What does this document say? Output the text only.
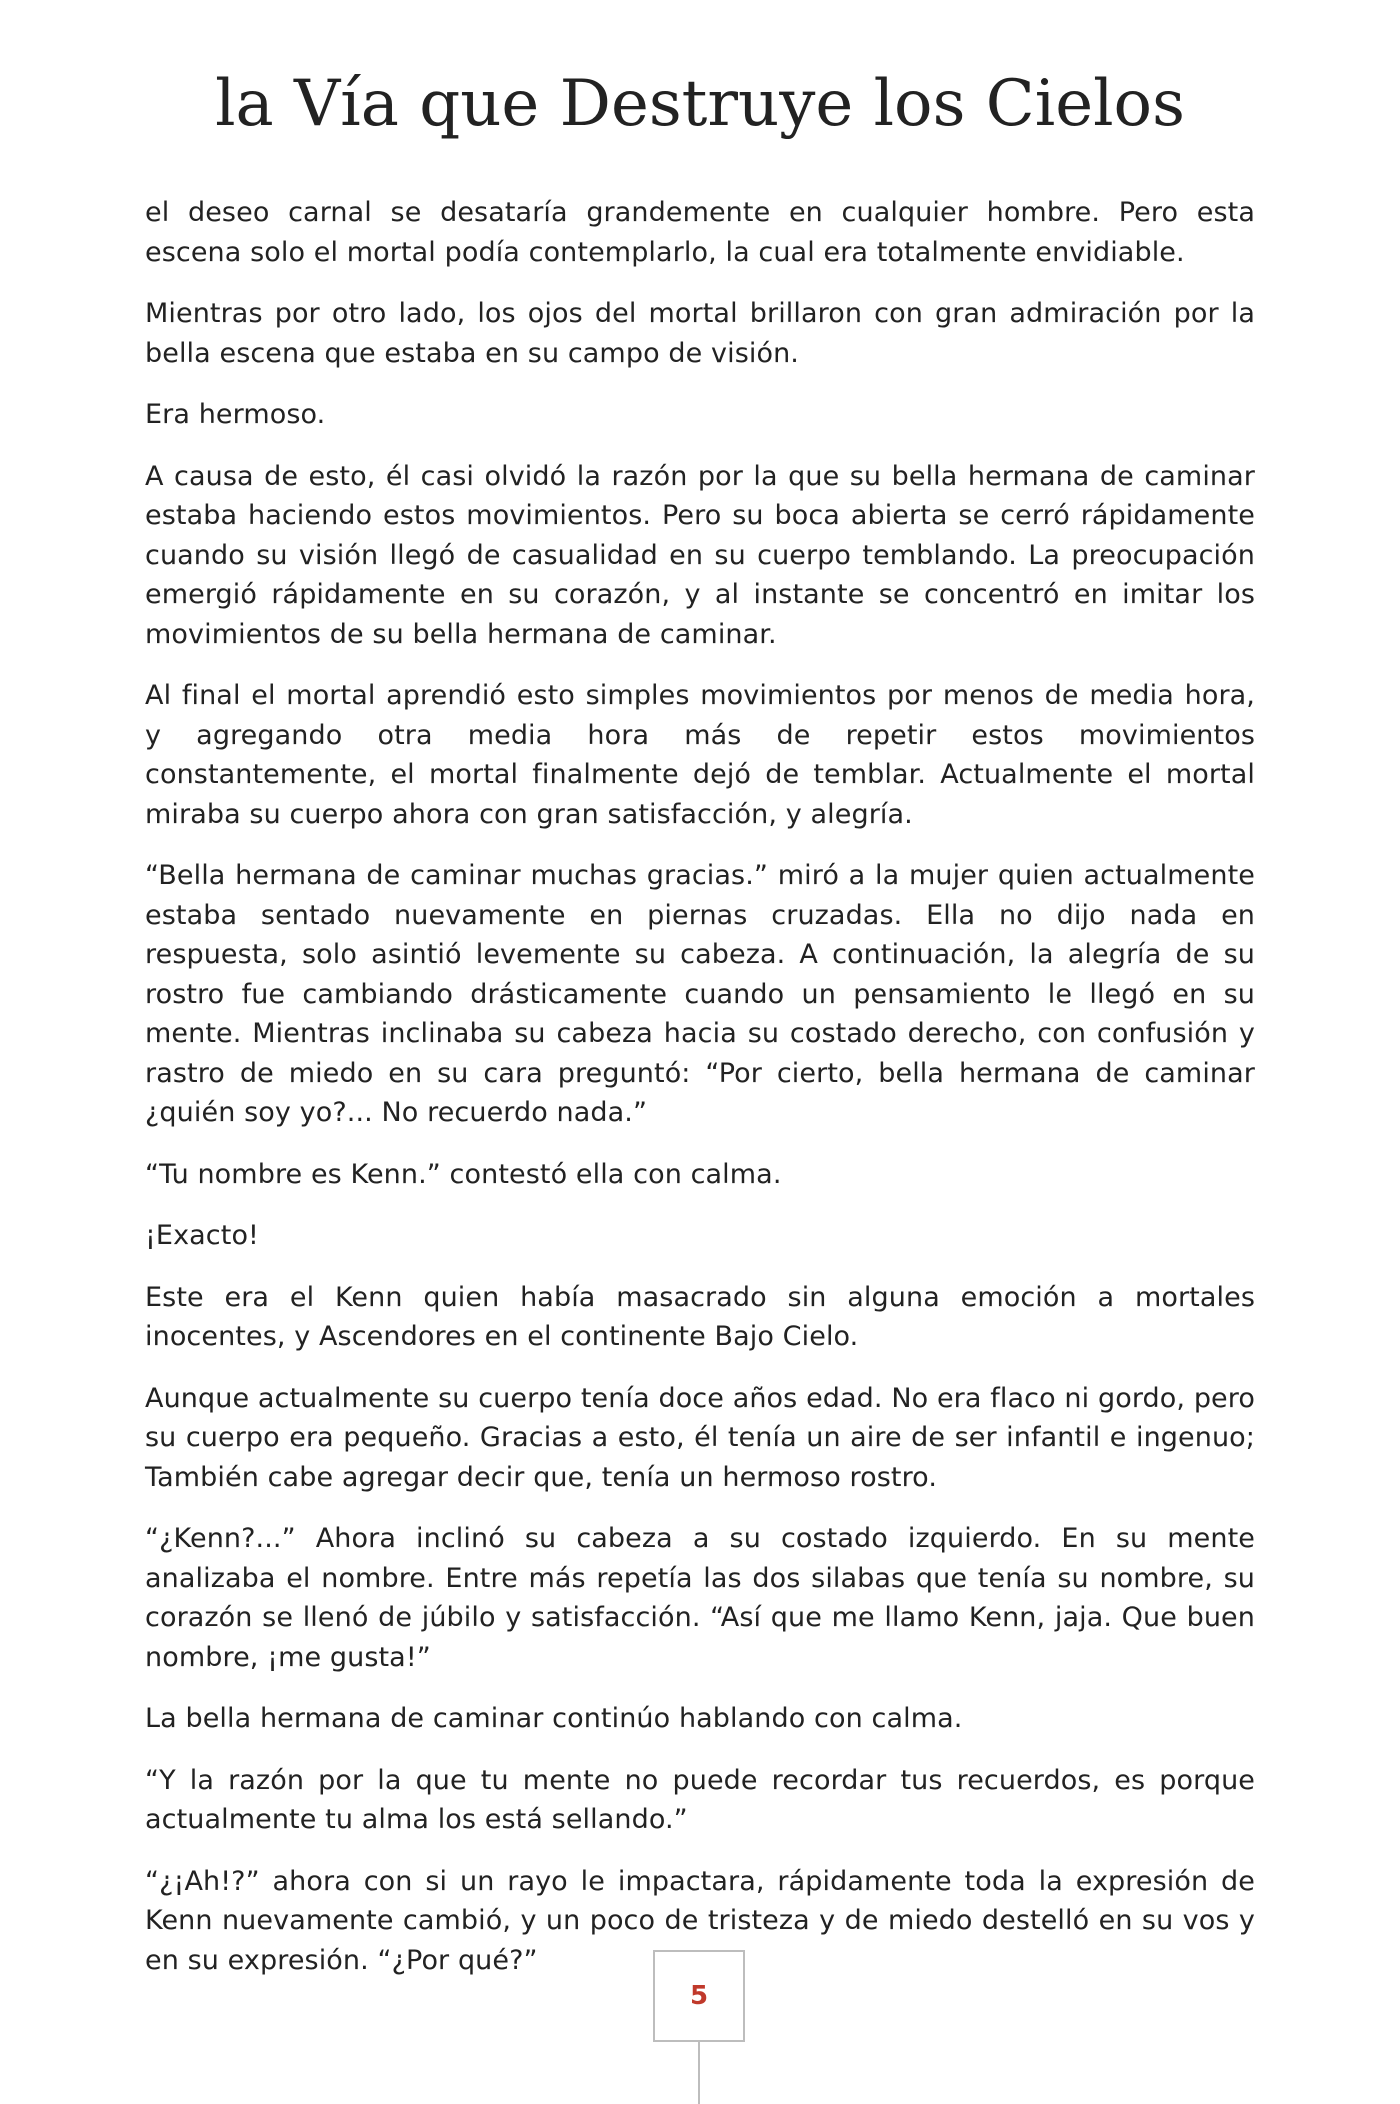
la Vía que Destruye los Cielos

el deseo carnal se desataría grandemente en cualquier hombre. Pero esta escena solo el mortal podía contemplarlo, la cual era totalmente envidiable.

Mientras por otro lado, los ojos del mortal brillaron con gran admiración por la bella escena que estaba en su campo de visión.

Era hermoso.

A causa de esto, él casi olvidó la razón por la que su bella hermana de caminar estaba haciendo estos movimientos. Pero su boca abierta se cerró rápidamente cuando su visión llegó de casualidad en su cuerpo temblando. La preocupación emergió rápidamente en su corazón, y al instante se concentró en imitar los movimientos de su bella hermana de caminar.

Al final el mortal aprendió esto simples movimientos por menos de media hora, y agregando otra media hora más de repetir estos movimientos constantemente, el mortal finalmente dejó de temblar. Actualmente el mortal miraba su cuerpo ahora con gran satisfacción, y alegría.

“Bella hermana de caminar muchas gracias.” miró a la mujer quien actualmente estaba sentado nuevamente en piernas cruzadas. Ella no dijo nada en respuesta, solo asintió levemente su cabeza. A continuación, la alegría de su rostro fue cambiando drásticamente cuando un pensamiento le llegó en su mente. Mientras inclinaba su cabeza hacia su costado derecho, con confusión y rastro de miedo en su cara preguntó: “Por cierto, bella hermana de caminar ¿quién soy yo?... No recuerdo nada.”

“Tu nombre es Kenn.” contestó ella con calma.

¡Exacto!

Este era el Kenn quien había masacrado sin alguna emoción a mortales inocentes, y Ascendores en el continente Bajo Cielo.

Aunque actualmente su cuerpo tenía doce años edad. No era flaco ni gordo, pero su cuerpo era pequeño. Gracias a esto, él tenía un aire de ser infantil e ingenuo; También cabe agregar decir que, tenía un hermoso rostro.

“¿Kenn?...” Ahora inclinó su cabeza a su costado izquierdo. En su mente analizaba el nombre. Entre más repetía las dos silabas que tenía su nombre, su corazón se llenó de júbilo y satisfacción. “Así que me llamo Kenn, jaja. Que buen nombre, ¡me gusta!”

La bella hermana de caminar continúo hablando con calma.

“Y la razón por la que tu mente no puede recordar tus recuerdos, es porque actualmente tu alma los está sellando.”

“¿¡Ah!?” ahora con si un rayo le impactara, rápidamente toda la expresión de Kenn nuevamente cambió, y un poco de tristeza y de miedo destelló en su vos y en su expresión. “¿Por qué?”

5
